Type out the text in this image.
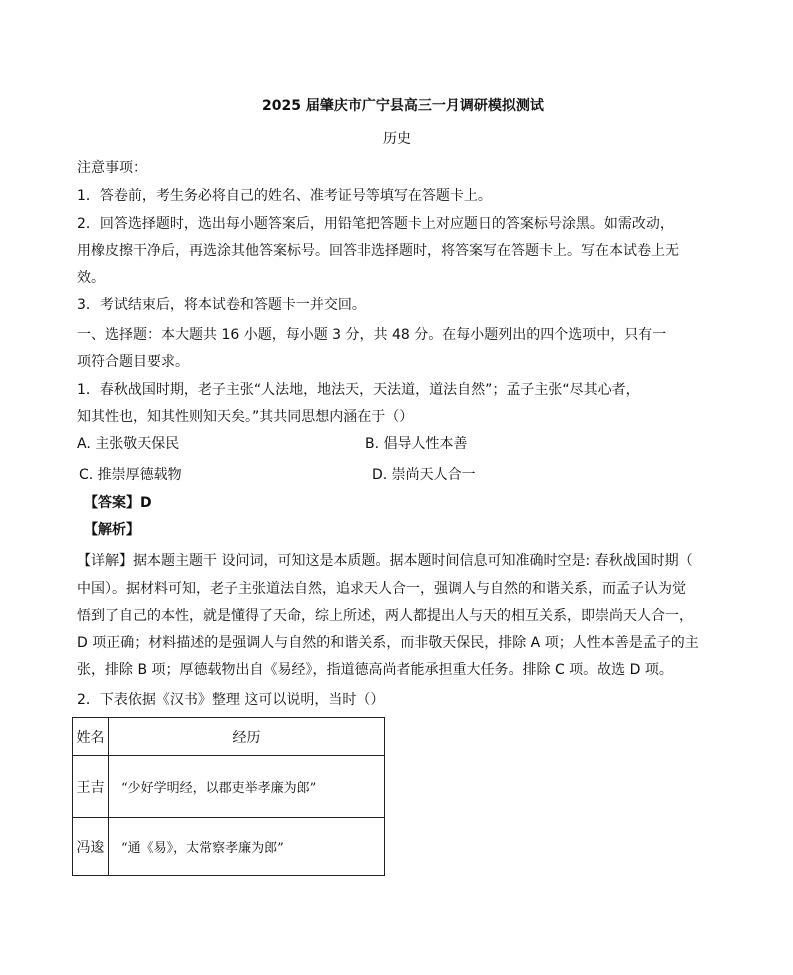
2025 届肇庆市广宁县高三一月调研模拟测试
历史
注意事项：
1．答卷前，考生务必将自己的姓名、准考证号等填写在答题卡上。
2．回答选择题时，选出每小题答案后，用铅笔把答题卡上对应题日的答案标号涂黑。如需改动，
用橡皮擦干净后，再选涂其他答案标号。回答非选择题时，将答案写在答题卡上。写在本试卷上无
效。
3．考试结束后，将本试卷和答题卡一并交回。
一、选择题：本大题共 16 小题，每小题 3 分，共 48 分。在每小题列出的四个选项中，只有一
项符合题目要求。
1．春秋战国时期，老子主张“人法地，地法天，天法道，道法自然”；孟子主张“尽其心者，
知其性也，知其性则知天矣。”其共同思想内涵在于（）
A. 主张敬天保民	B. 倡导人性本善
C. 推崇厚德载物	D. 崇尚天人合一
【答案】D
【解析】
【详解】据本题主题干 设问词，可知这是本质题。据本题时间信息可知准确时空是: 春秋战国时期（
中国）。据材料可知，老子主张道法自然，追求天人合一，强调人与自然的和谐关系，而孟子认为觉
悟到了自己的本性，就是懂得了天命，综上所述，两人都提出人与天的相互关系，即崇尚天人合一，
D 项正确；材料描述的是强调人与自然的和谐关系，而非敬天保民，排除 A 项；人性本善是孟子的主
张，排除 B 项；厚德载物出自《易经》，指道德高尚者能承担重大任务。排除 C 项。故选 D 项。
2．下表依据《汉书》整理 这可以说明，当时（）
姓名	经历
王吉	“少好学明经，以郡吏举孝廉为郎”
冯逡	“通《易》，太常察孝廉为郎”
